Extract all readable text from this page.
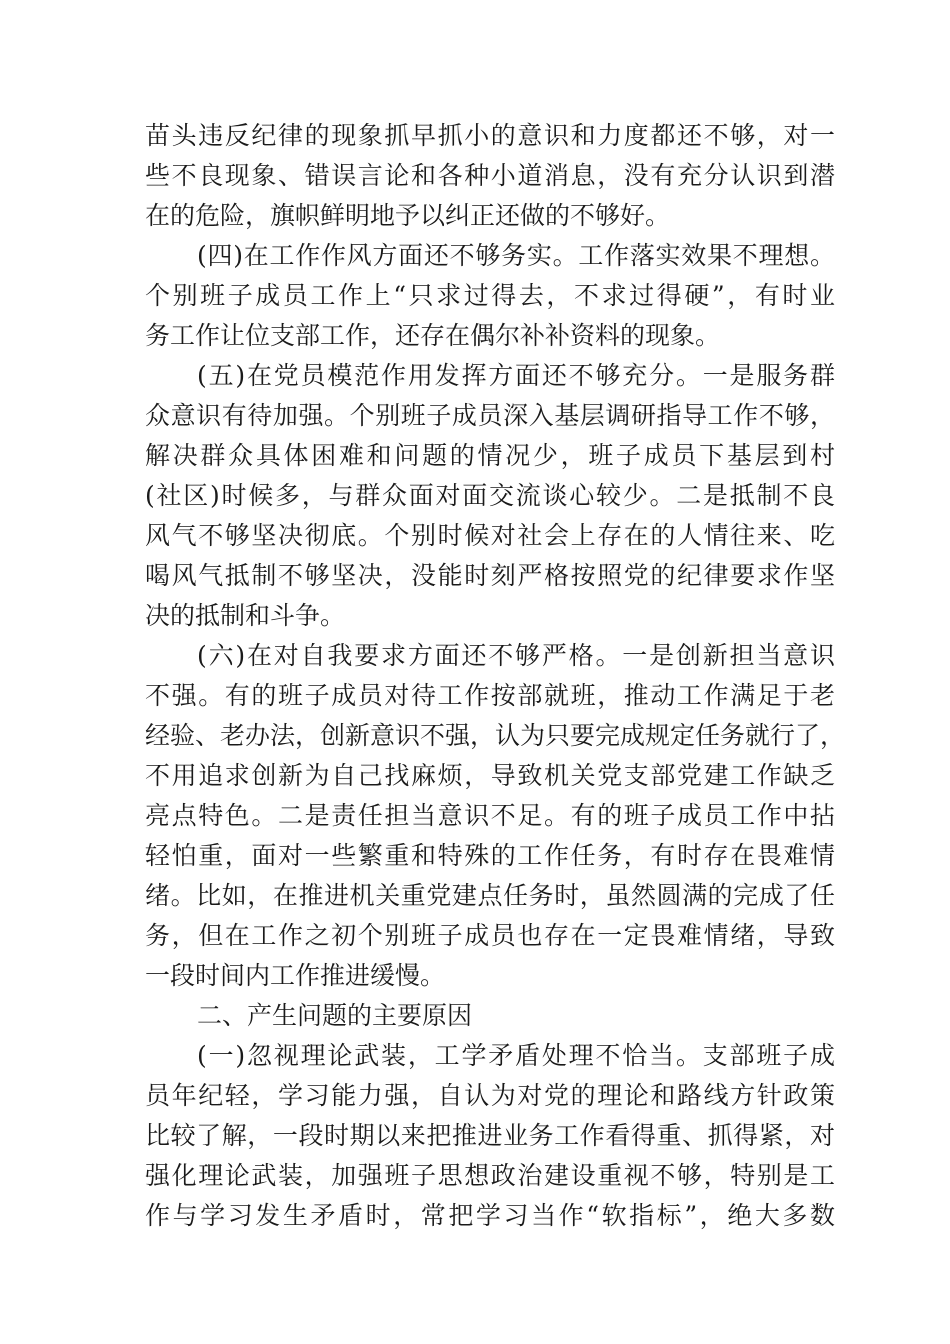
苗头违反纪律的现象抓早抓小的意识和力度都还不够，对一
些不良现象、错误言论和各种小道消息，没有充分认识到潜
在的危险，旗帜鲜明地予以纠正还做的不够好。
(四)在工作作风方面还不够务实。工作落实效果不理想。
个别班子成员工作上“只求过得去，不求过得硬”，有时业
务工作让位支部工作，还存在偶尔补补资料的现象。
(五)在党员模范作用发挥方面还不够充分。一是服务群
众意识有待加强。个别班子成员深入基层调研指导工作不够，
解决群众具体困难和问题的情况少，班子成员下基层到村
(社区)时候多，与群众面对面交流谈心较少。二是抵制不良
风气不够坚决彻底。个别时候对社会上存在的人情往来、吃
喝风气抵制不够坚决，没能时刻严格按照党的纪律要求作坚
决的抵制和斗争。
(六)在对自我要求方面还不够严格。一是创新担当意识
不强。有的班子成员对待工作按部就班，推动工作满足于老
经验、老办法，创新意识不强，认为只要完成规定任务就行了，
不用追求创新为自己找麻烦，导致机关党支部党建工作缺乏
亮点特色。二是责任担当意识不足。有的班子成员工作中拈
轻怕重，面对一些繁重和特殊的工作任务，有时存在畏难情
绪。比如，在推进机关重党建点任务时，虽然圆满的完成了任
务，但在工作之初个别班子成员也存在一定畏难情绪，导致
一段时间内工作推进缓慢。
二、产生问题的主要原因
(一)忽视理论武装，工学矛盾处理不恰当。支部班子成
员年纪轻，学习能力强，自认为对党的理论和路线方针政策
比较了解，一段时期以来把推进业务工作看得重、抓得紧，对
强化理论武装，加强班子思想政治建设重视不够，特别是工
作与学习发生矛盾时，常把学习当作“软指标”，绝大多数
